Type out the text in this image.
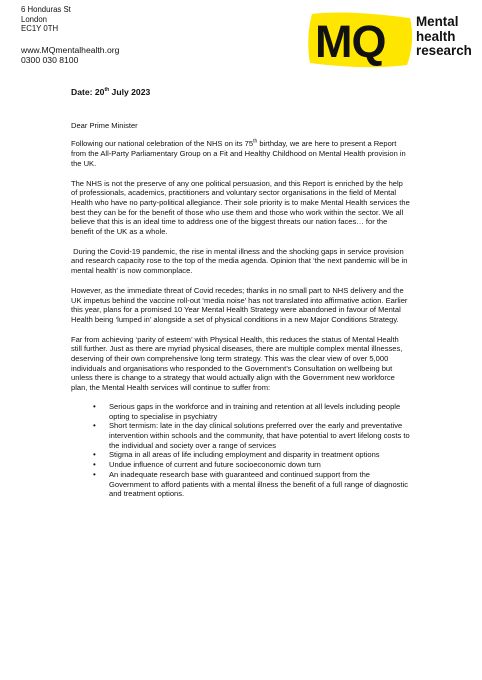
6 Honduras St
London
EC1Y 0TH
www.MQmentalhealth.org
0300 030 8100	MQ Mental
health
research
Date: 20th July 2023

Dear Prime Minister

Following our national celebration of the NHS on its 75th birthday, we are here to present a Report from the All-Party Parliamentary Group on a Fit and Healthy Childhood on Mental Health provision in the UK.

The NHS is not the preserve of any one political persuasion, and this Report is enriched by the help of professionals, academics, practitioners and voluntary sector organisations in the field of Mental Health who have no party-political allegiance. Their sole priority is to make Mental Health services the best they can be for the benefit of those who use them and those who work within the sector. We all believe that this is an ideal time to address one of the biggest threats our nation faces… for the benefit of the UK as a whole.

During the Covid-19 pandemic, the rise in mental illness and the shocking gaps in service provision and research capacity rose to the top of the media agenda. Opinion that ‘the next pandemic will be in mental health’ is now commonplace.

However, as the immediate threat of Covid recedes; thanks in no small part to NHS delivery and the UK impetus behind the vaccine roll-out ‘media noise’ has not translated into affirmative action. Earlier this year, plans for a promised 10 Year Mental Health Strategy were abandoned in favour of Mental Health being ‘lumped in’ alongside a set of physical conditions in a new Major Conditions Strategy.

Far from achieving ‘parity of esteem’ with Physical Health, this reduces the status of Mental Health still further. Just as there are myriad physical diseases, there are multiple complex mental illnesses, deserving of their own comprehensive long term strategy. This was the clear view of over 5,000 individuals and organisations who responded to the Government’s Consultation on wellbeing but unless there is change to a strategy that would actually align with the Government new workforce plan, the Mental Health services will continue to suffer from:

• Serious gaps in the workforce and in training and retention at all levels including people opting to specialise in psychiatry
• Short termism: late in the day clinical solutions preferred over the early and preventative intervention within schools and the community, that have potential to avert lifelong costs to the individual and society over a range of services
• Stigma in all areas of life including employment and disparity in treatment options
• Undue influence of current and future socioeconomic down turn
• An inadequate research base with guaranteed and continued support from the Government to afford patients with a mental illness the benefit of a full range of diagnostic and treatment options.
